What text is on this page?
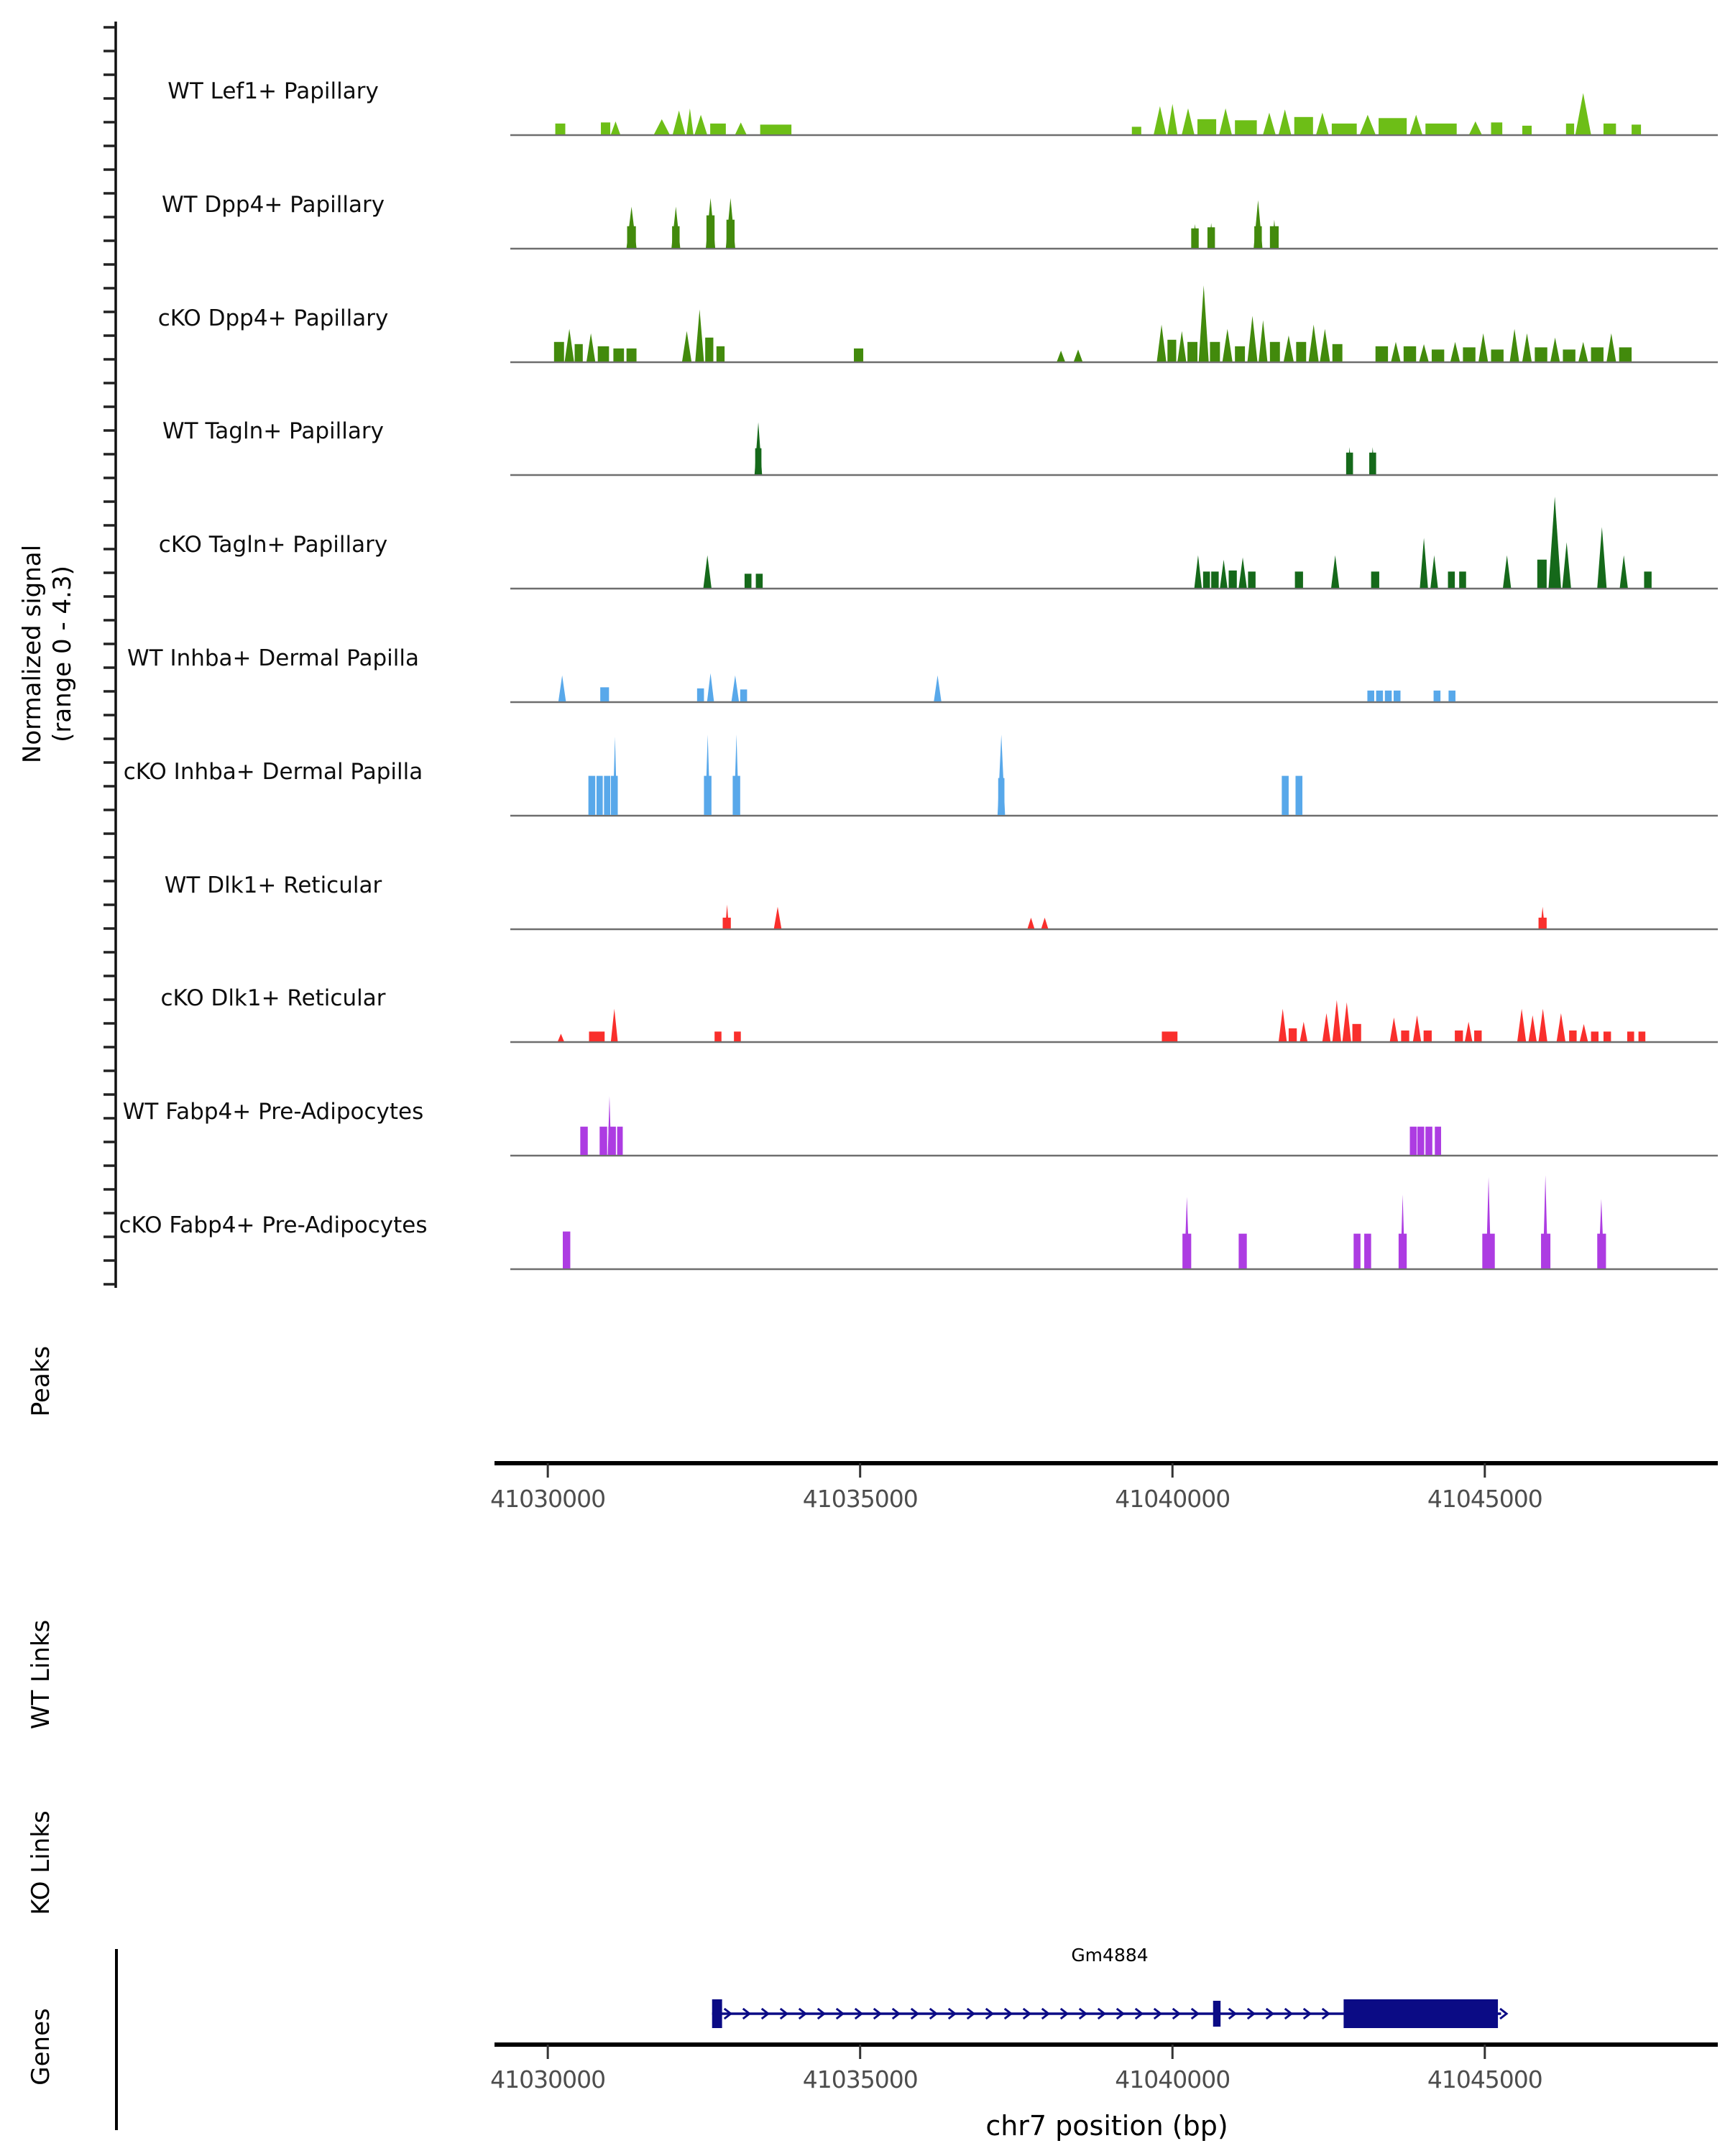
Normalized signal (range 0 - 4.3)
WT Lef1+ Papillary
WT Dpp4+ Papillary
cKO Dpp4+ Papillary
WT Tagln+ Papillary
cKO Tagln+ Papillary
WT Inhba+ Dermal Papilla
cKO Inhba+ Dermal Papilla
WT Dlk1+ Reticular
cKO Dlk1+ Reticular
WT Fabp4+ Pre-Adipocytes
cKO Fabp4+ Pre-Adipocytes
Peaks
WT Links
KO Links
Genes
41030000	41035000	41040000	41045000
Gm4884
41030000	41035000	41040000	41045000
chr7 position (bp)
